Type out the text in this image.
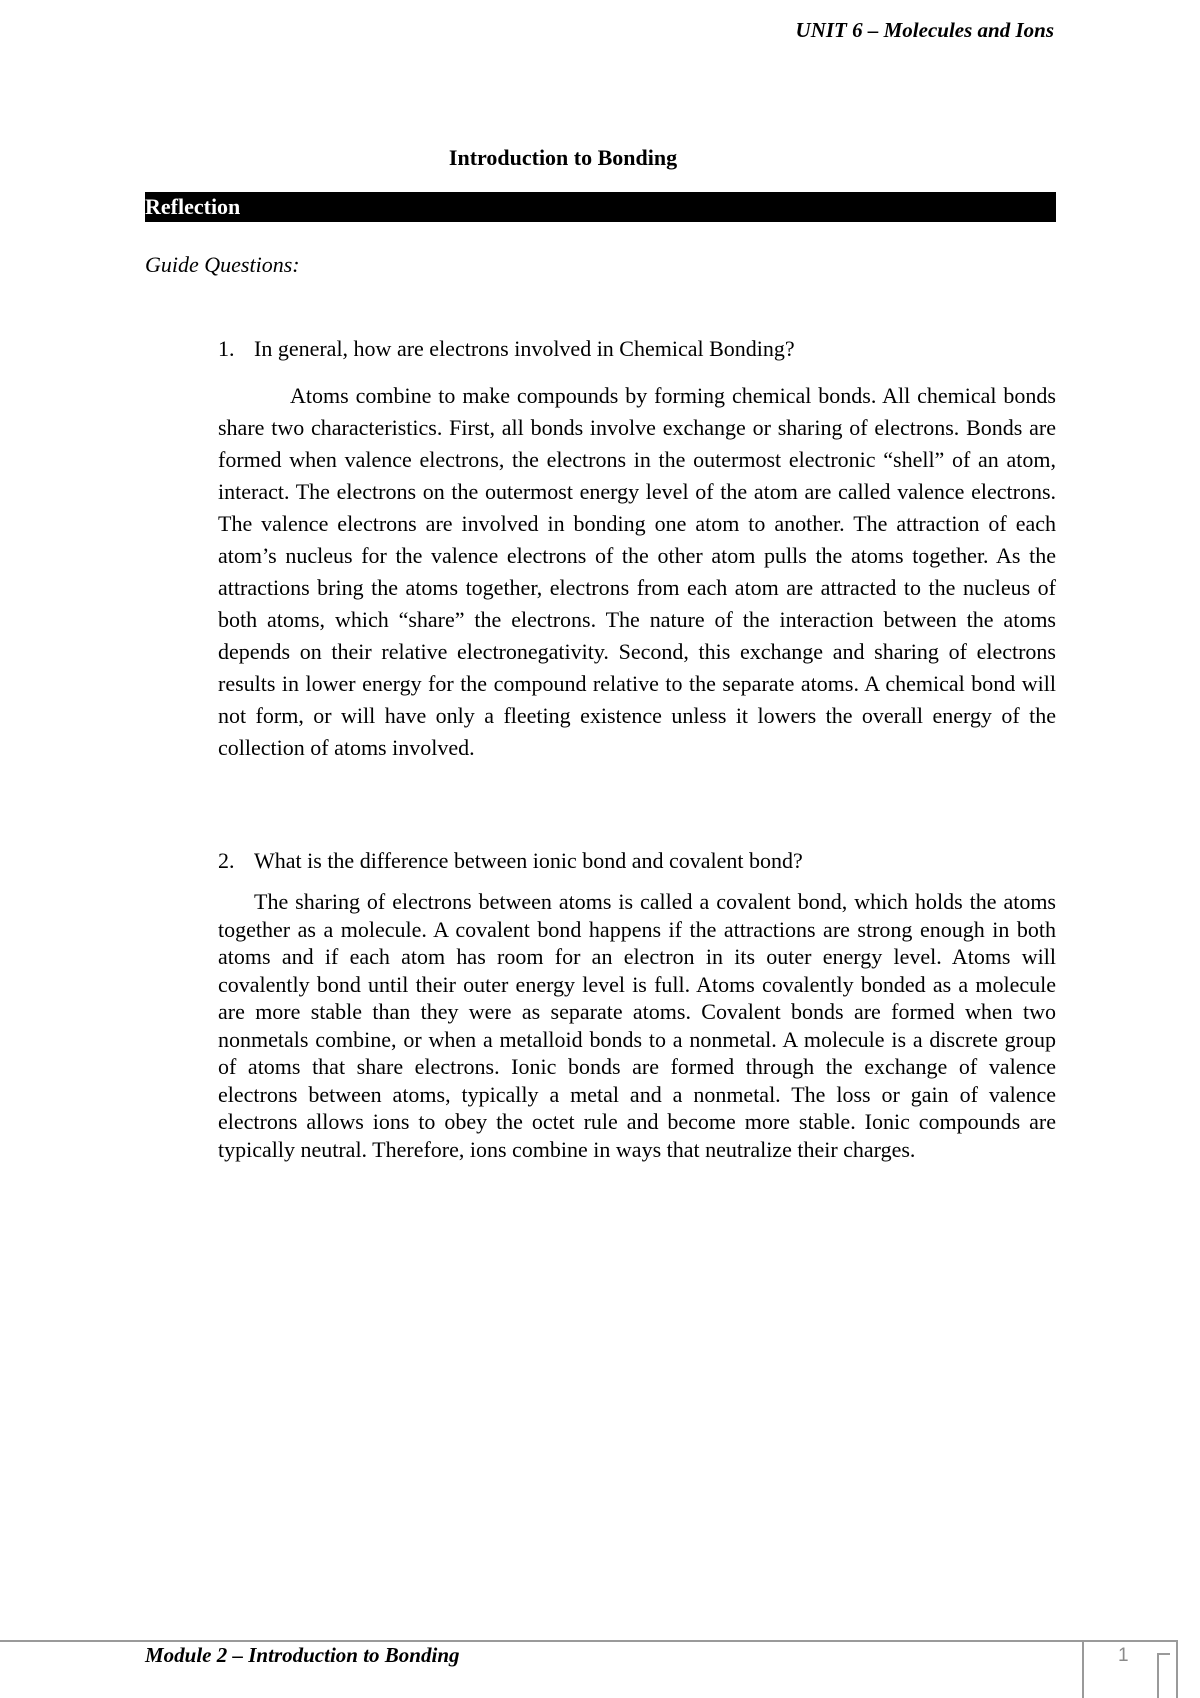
UNIT 6 – Molecules and Ions
Introduction to Bonding
Reflection
Guide Questions:
1. In general, how are electrons involved in Chemical Bonding?

Atoms combine to make compounds by forming chemical bonds. All chemical bonds share two characteristics. First, all bonds involve exchange or sharing of electrons. Bonds are formed when valence electrons, the electrons in the outermost electronic “shell” of an atom, interact. The electrons on the outermost energy level of the atom are called valence electrons. The valence electrons are involved in bonding one atom to another. The attraction of each atom’s nucleus for the valence electrons of the other atom pulls the atoms together. As the attractions bring the atoms together, electrons from each atom are attracted to the nucleus of both atoms, which “share” the electrons. The nature of the interaction between the atoms depends on their relative electronegativity. Second, this exchange and sharing of electrons results in lower energy for the compound relative to the separate atoms. A chemical bond will not form, or will have only a fleeting existence unless it lowers the overall energy of the collection of atoms involved.

2. What is the difference between ionic bond and covalent bond?

The sharing of electrons between atoms is called a covalent bond, which holds the atoms together as a molecule. A covalent bond happens if the attractions are strong enough in both atoms and if each atom has room for an electron in its outer energy level. Atoms will covalently bond until their outer energy level is full. Atoms covalently bonded as a molecule are more stable than they were as separate atoms. Covalent bonds are formed when two nonmetals combine, or when a metalloid bonds to a nonmetal. A molecule is a discrete group of atoms that share electrons. Ionic bonds are formed through the exchange of valence electrons between atoms, typically a metal and a nonmetal. The loss or gain of valence electrons allows ions to obey the octet rule and become more stable. Ionic compounds are typically neutral. Therefore, ions combine in ways that neutralize their charges.

Module 2 – Introduction to Bonding	1
